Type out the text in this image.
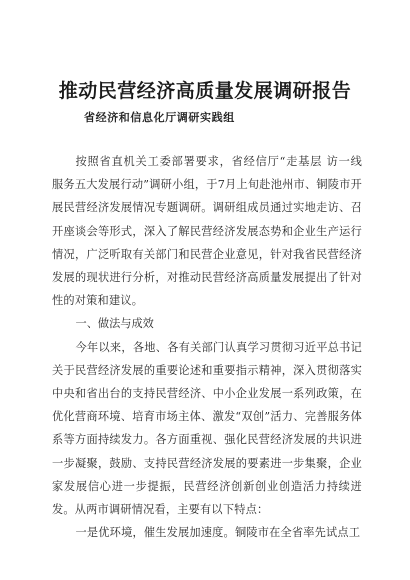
推动民营经济高质量发展调研报告
省经济和信息化厅调研实践组

按照省直机关工委部署要求，省经信厅“走基层 访一线 服务五大发展行动”调研小组，于7月上旬赴池州市、铜陵市开展民营经济发展情况专题调研。调研组成员通过实地走访、召开座谈会等形式，深入了解民营经济发展态势和企业生产运行情况，广泛听取有关部门和民营企业意见，针对我省民营经济发展的现状进行分析，对推动民营经济高质量发展提出了针对性的对策和建议。

一、做法与成效

今年以来，各地、各有关部门认真学习贯彻习近平总书记关于民营经济发展的重要论述和重要指示精神，深入贯彻落实中央和省出台的支持民营经济、中小企业发展一系列政策，在优化营商环境、培育市场主体、激发“双创”活力、完善服务体系等方面持续发力。各方面重视、强化民营经济发展的共识进一步凝聚，鼓励、支持民营经济发展的要素进一步集聚，企业家发展信心进一步提振，民营经济创新创业创造活力持续迸发。从两市调研情况看，主要有以下特点：

一是优环境，催生发展加速度。铜陵市在全省率先试点工
